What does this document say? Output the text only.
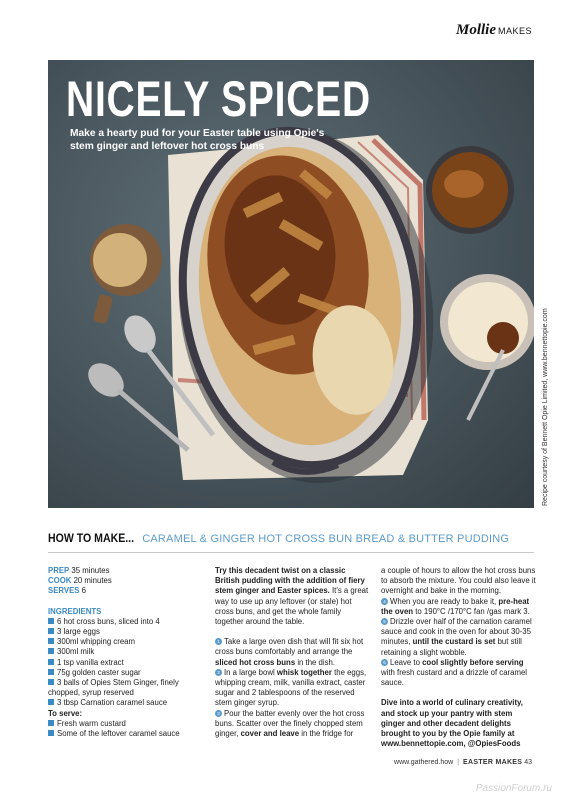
Mollie MAKES
NICELY SPICED
Make a hearty pud for your Easter table using Opie's stem ginger and leftover hot cross buns
Recipe courtesy of Bennett Opie Limited, www.bennettopie.com
HOW TO MAKE... CARAMEL & GINGER HOT CROSS BUN BREAD & BUTTER PUDDING
PREP 35 minutes
COOK 20 minutes
SERVES 6
INGREDIENTS
6 hot cross buns, sliced into 4
3 large eggs
300ml whipping cream
300ml milk
1 tsp vanilla extract
75g golden caster sugar
3 balls of Opies Stem Ginger, finely chopped, syrup reserved
3 tbsp Carnation caramel sauce
To serve:
Fresh warm custard
Some of the leftover caramel sauce

Try this decadent twist on a classic British pudding with the addition of fiery stem ginger and Easter spices. It's a great way to use up any leftover (or stale) hot cross buns, and get the whole family together around the table.

1 Take a large oven dish that will fit six hot cross buns comfortably and arrange the sliced hot cross buns in the dish.

2 In a large bowl whisk together the eggs, whipping cream, milk, vanilla extract, caster sugar and 2 tablespoons of the reserved stem ginger syrup.

3 Pour the batter evenly over the hot cross buns. Scatter over the finely chopped stem ginger, cover and leave in the fridge for

a couple of hours to allow the hot cross buns to absorb the mixture. You could also leave it overnight and bake in the morning.

4 When you are ready to bake it, pre-heat the oven to 190°C /170°C fan /gas mark 3.

5 Drizzle over half of the carnation caramel sauce and cook in the oven for about 30-35 minutes, until the custard is set but still retaining a slight wobble.

6 Leave to cool slightly before serving with fresh custard and a drizzle of caramel sauce.

Dive into a world of culinary creativity, and stock up your pantry with stem ginger and other decadent delights brought to you by the Opie family at www.bennettopie.com, @OpiesFoods

www.gathered.how | EASTER MAKES 43
PassionForum.ru
